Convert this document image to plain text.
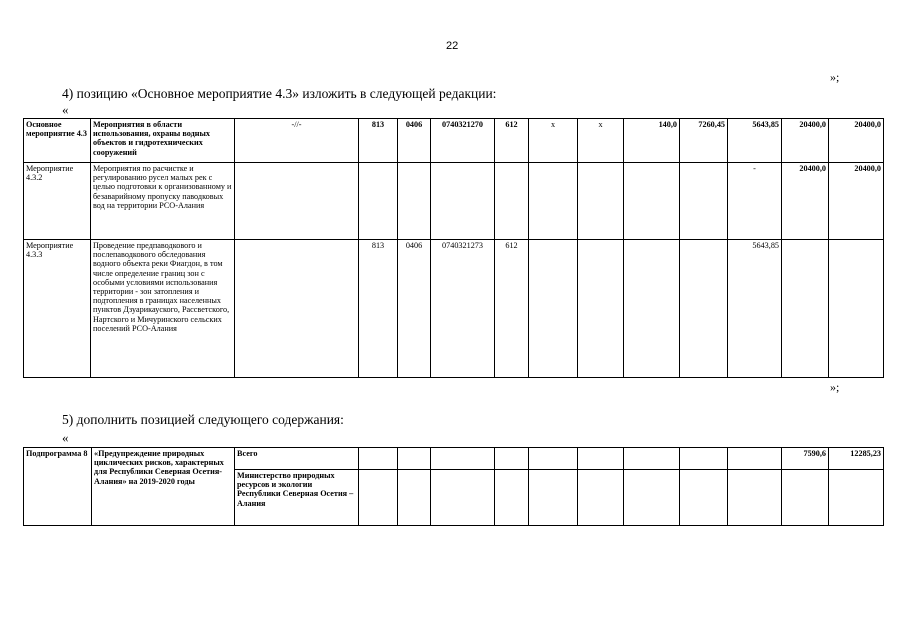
22
»;
4) позицию «Основное мероприятие 4.3» изложить в следующей редакции:
«
Основное мероприятие 4.3	Мероприятия в области использования, охраны водных объектов и гидротехнических сооружений	-//-	813	0406	0740321270	612	х	х	140,0	7260,45	5643,85	20400,0	20400,0
Мероприятие 4.3.2	Мероприятия по расчистке и регулированию русел малых рек с целью подготовки к организованному и безаварийному пропуску паводковых вод на территории РСО-Алания										-	20400,0	20400,0
Мероприятие 4.3.3	Проведение предпаводкового и послепаводкового обследования водного объекта реки Фиагдон, в том числе определение границ зон с особыми условиями использования территории - зон затопления и подтопления в границах населенных пунктов Дзуарикауского, Рассветского, Нартского и Мичуринского сельских поселений РСО-Алания		813	0406	0740321273	612					5643,85		
»;
5) дополнить позицией следующего содержания:
«
Подпрограмма 8	«Предупреждение природных циклических рисков, характерных для Республики Северная Осетия-Алания» на 2019-2020 годы	Всего										7590,6	12285,23
		Министерство природных ресурсов и экологии Республики Северная Осетия – Алания											
